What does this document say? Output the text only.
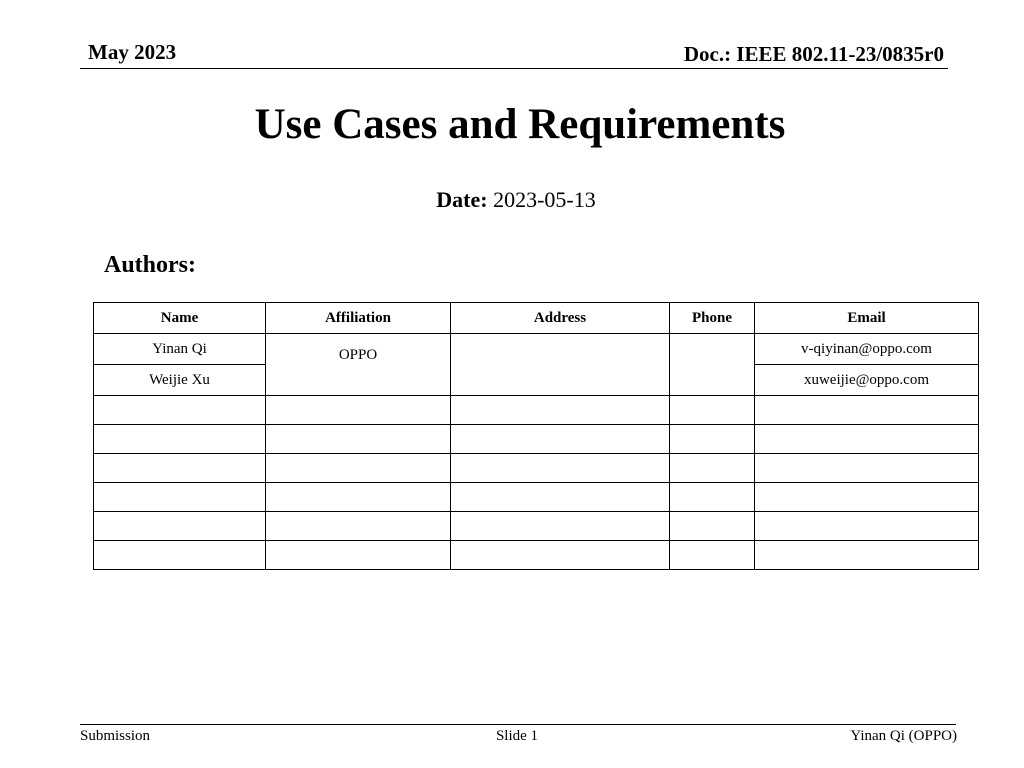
May 2023	Doc.: IEEE 802.11-23/0835r0
Use Cases and Requirements
Date: 2023-05-13
Authors:
Name	Affiliation	Address	Phone	Email
Yinan Qi	OPPO			v-qiyinan@oppo.com
Weijie Xu				xuweijie@oppo.com

Submission	Slide 1	Yinan Qi (OPPO)
